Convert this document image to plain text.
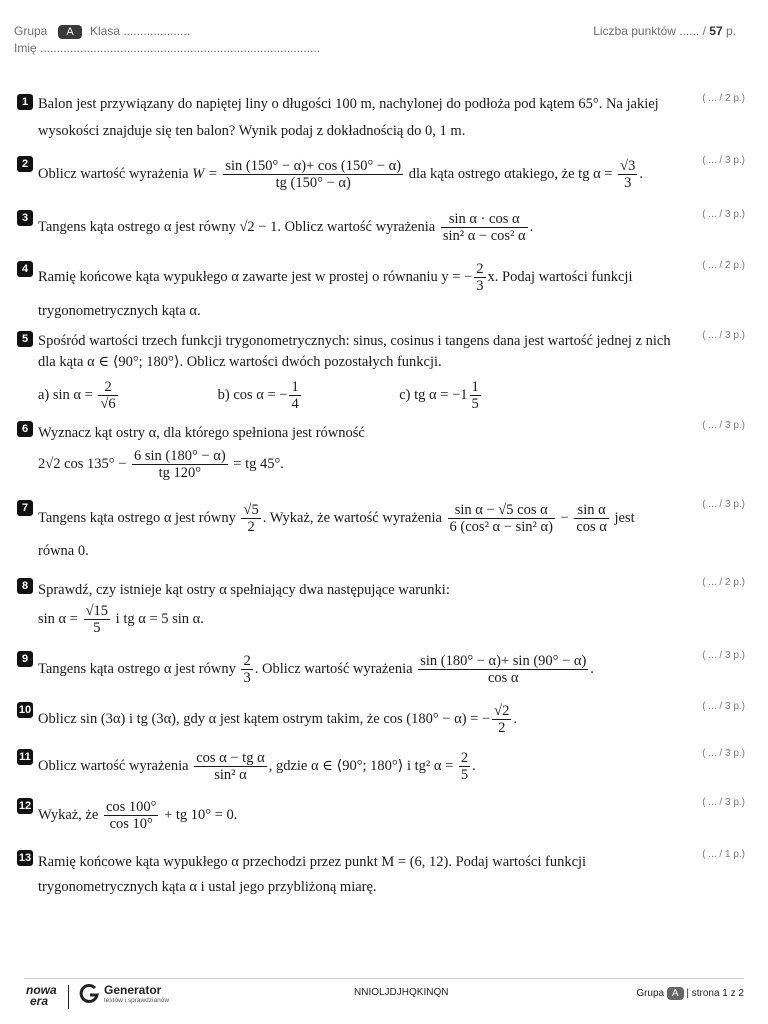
Grupa	A	Klasa ....................	Liczba punktów ...... / 57 p.
Imię ....................................................................................
1	( ... / 2 p.)
Balon jest przywiązany do napiętej liny o długości 100 m, nachylonej do podłoża pod kątem 65°. Na jakiej
wysokości znajduje się ten balon? Wynik podaj z dokładnością do 0, 1 m.
2	( ... / 3 p.)
Oblicz wartość wyrażenia $W = \frac{\sin (150^\circ - \alpha)+ \cos (150^\circ - \alpha)}{tg (150^\circ - \alpha)}$ dla kąta ostrego αtakiego, że tg $\alpha = \frac{√3}{3}$ .
3	( ... / 3 p.)
Tangens kąta ostrego α jest równy √2 − 1. Oblicz wartość wyrażenia $\frac{\text{sin α · cos α}}{\text{sin² α − cos² α}}$ .
4	( ... / 2 p.)
Ramię końcowe kąta wypukłego α zawarte jest w prostej o równaniu y = − $\frac{2}{3} x$. Podaj wartości funkcji
trygonometrycznych kąta α.
5	( ... / 3 p.)
Spośród wartości trzech funkcji trygonometrycznych: sinus, cosinus i tangens dana jest wartość jednej z nich
dla kąta α ∈ ⟨90°; 180°⟩. Oblicz wartości dwóch pozostałych funkcji.
a) $\sin \alpha = \frac{2}{√6}$	b) cos α = − $\frac{1}{4}$	c) tg $\alpha = -1 \frac{1}{5}$
6	( ... / 3 p.)
Wyznacz kąt ostry α, dla którego spełniona jest równość
2√2 $\cos 135^\circ - \frac{6 \sin (180^\circ - \alpha)}{tg 120^\circ}$ = tg 45°.
7	( ... / 3 p.)
Tangens kąta ostrego α jest równy $\frac{√5}{2}$ . Wykaż, że wartość wyrażenia $\frac{\text{sin α − √5 cos α}}{\text{6 (cos² α − sin² α)}} - \frac{\text{sin α}}{\text{cos α}}$ jest
równa 0.
8	( ... / 2 p.)
Sprawdź, czy istnieje kąt ostry α spełniający dwa następujące warunki:
$\sin \alpha = \frac{√15}{5}$ i tg α = 5 sin α.
9	( ... / 3 p.)
Tangens kąta ostrego α jest równy $\frac{2}{3}$ . Oblicz wartość wyrażenia $\frac{\sin (180^\circ - \alpha)+ \sin (90^\circ - \alpha)}{\text{cos α}}$ .
10	( ... / 3 p.)
Oblicz sin (3α) i tg (3α), gdy α jest kątem ostrym takim, że cos (180° − α) = − $\frac{√2}{2}$ .
11	( ... / 3 p.)
Oblicz wartość wyrażenia $\frac{\text{cos α − tg α}}{\text{sin² α}}$ , gdzie α ∈ ⟨90°; 180°⟩ i tg² $\alpha = \frac{2}{5}$ .
12	( ... / 3 p.)
Wykaż, że $\frac{\cos 100^\circ}{\cos 10^\circ}$ + tg 10° = 0.
13	( ... / 1 p.)
Ramię końcowe kąta wypukłego α przechodzi przez punkt M = (6, 12). Podaj wartości funkcji
trygonometrycznych kąta α i ustal jego przybliżoną miarę.
nowa
era
Generator
testów i sprawdzianów
NNIOLJDJHQKINQN	Grupa A | strona 1 z 2
